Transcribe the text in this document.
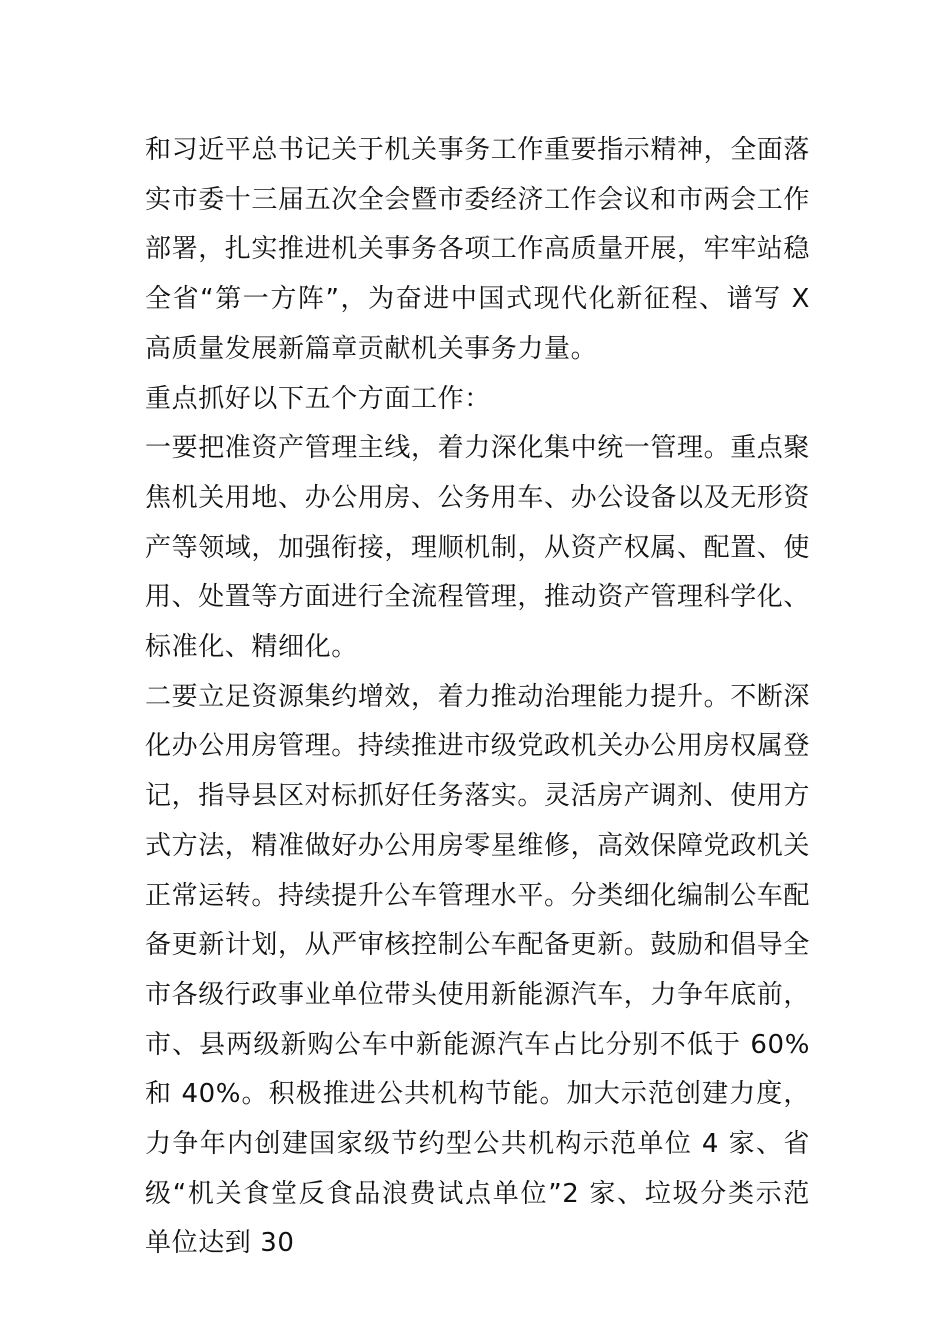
和习近平总书记关于机关事务工作重要指示精神，全面落实市委十三届五次全会暨市委经济工作会议和市两会工作部署，扎实推进机关事务各项工作高质量开展，牢牢站稳全省“第一方阵”，为奋进中国式现代化新征程、谱写 X 高质量发展新篇章贡献机关事务力量。

重点抓好以下五个方面工作：

一要把准资产管理主线，着力深化集中统一管理。重点聚焦机关用地、办公用房、公务用车、办公设备以及无形资产等领域，加强衔接，理顺机制，从资产权属、配置、使用、处置等方面进行全流程管理，推动资产管理科学化、标准化、精细化。

二要立足资源集约增效，着力推动治理能力提升。不断深化办公用房管理。持续推进市级党政机关办公用房权属登记，指导县区对标抓好任务落实。灵活房产调剂、使用方式方法，精准做好办公用房零星维修，高效保障党政机关正常运转。持续提升公车管理水平。分类细化编制公车配备更新计划，从严审核控制公车配备更新。鼓励和倡导全市各级行政事业单位带头使用新能源汽车，力争年底前，市、县两级新购公车中新能源汽车占比分别不低于 60%和 40%。积极推进公共机构节能。加大示范创建力度，力争年内创建国家级节约型公共机构示范单位 4 家、省级“机关食堂反食品浪费试点单位”2 家、垃圾分类示范单位达到 30
